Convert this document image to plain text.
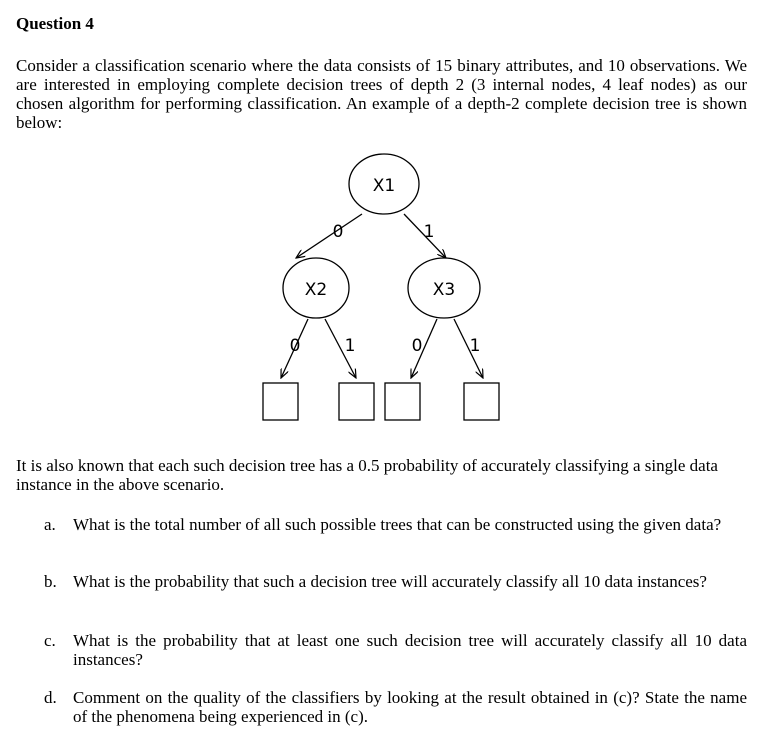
Question 4

Consider a classification scenario where the data consists of 15 binary attributes, and 10 observations. We are interested in employing complete decision trees of depth 2 (3 internal nodes, 4 leaf nodes) as our chosen algorithm for performing classification. An example of a depth-2 complete decision tree is shown below:

X1
X2	X3
0	1
0	1	0	1

It is also known that each such decision tree has a 0.5 probability of accurately classifying a single data instance in the above scenario.

a. What is the total number of all such possible trees that can be constructed using the given data?
b. What is the probability that such a decision tree will accurately classify all 10 data instances?
c. What is the probability that at least one such decision tree will accurately classify all 10 data instances?
d. Comment on the quality of the classifiers by looking at the result obtained in (c)? State the name of the phenomena being experienced in (c).
